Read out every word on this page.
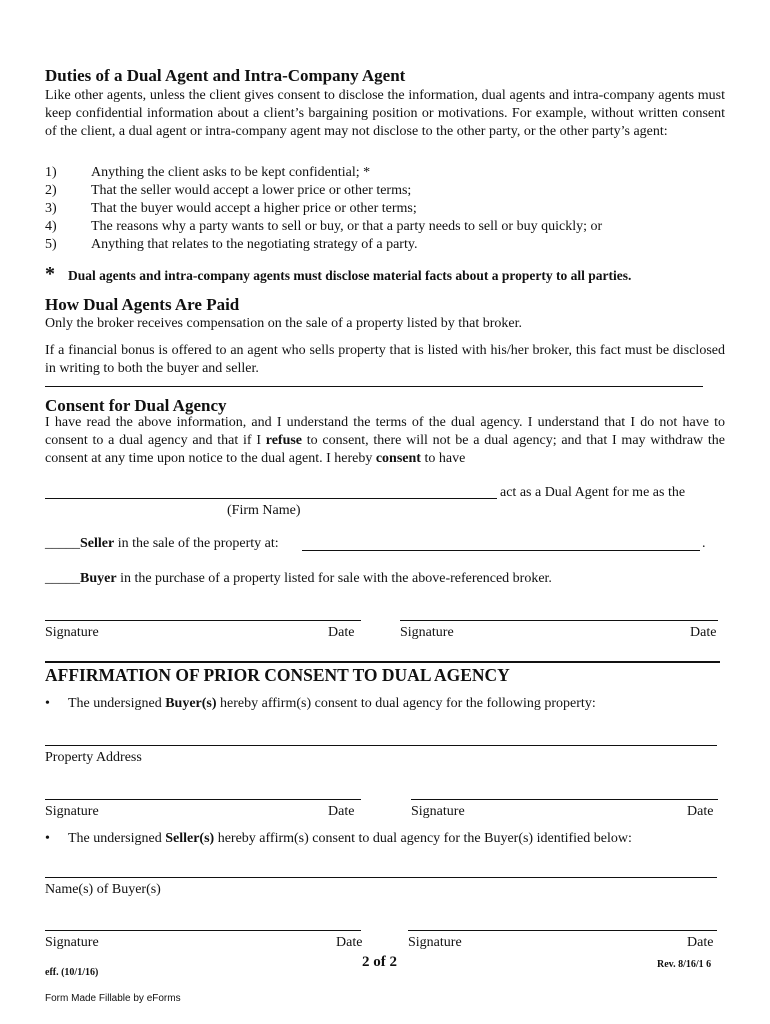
Duties of a Dual Agent and Intra-Company Agent
Like other agents, unless the client gives consent to disclose the information, dual agents and intra-company agents must keep confidential information about a client’s bargaining position or motivations. For example, without written consent of the client, a dual agent or intra-company agent may not disclose to the other party, or the other party’s agent:
1) Anything the client asks to be kept confidential; *
2) That the seller would accept a lower price or other terms;
3) That the buyer would accept a higher price or other terms;
4) The reasons why a party wants to sell or buy, or that a party needs to sell or buy quickly; or
5) Anything that relates to the negotiating strategy of a party.
* Dual agents and intra-company agents must disclose material facts about a property to all parties.
How Dual Agents Are Paid
Only the broker receives compensation on the sale of a property listed by that broker.
If a financial bonus is offered to an agent who sells property that is listed with his/her broker, this fact must be disclosed in writing to both the buyer and seller.
Consent for Dual Agency
I have read the above information, and I understand the terms of the dual agency. I understand that I do not have to consent to a dual agency and that if I refuse to consent, there will not be a dual agency; and that I may withdraw the consent at any time upon notice to the dual agent. I hereby consent to have
act as a Dual Agent for me as the
(Firm Name)
_____Seller in the sale of the property at:	.
_____Buyer in the purchase of a property listed for sale with the above-referenced broker.
Signature	Date	Signature	Date
AFFIRMATION OF PRIOR CONSENT TO DUAL AGENCY
• The undersigned Buyer(s) hereby affirm(s) consent to dual agency for the following property:
Property Address
Signature	Date	Signature	Date
• The undersigned Seller(s) hereby affirm(s) consent to dual agency for the Buyer(s) identified below:
Name(s) of Buyer(s)
Signature	Date	Signature	Date
2 of 2
eff. (10/1/16)
Rev. 8/16/1 6
Form Made Fillable by eForms
